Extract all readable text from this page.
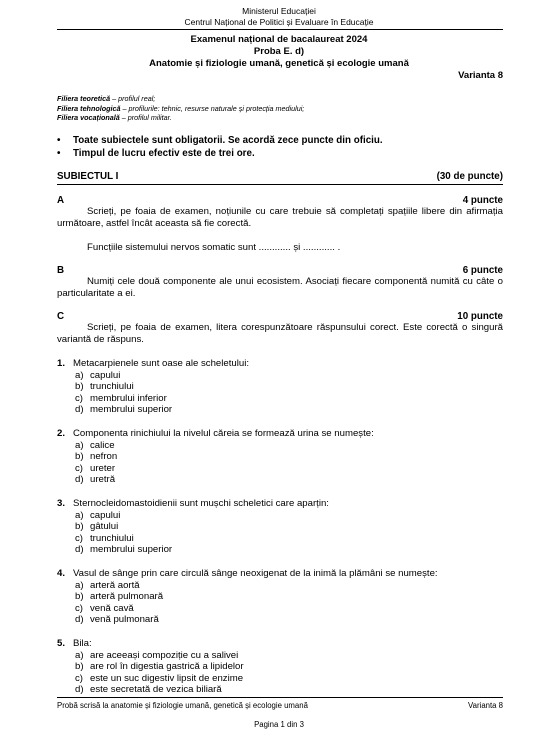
Ministerul Educației
Centrul Național de Politici și Evaluare în Educație
Examenul național de bacalaureat 2024
Proba E. d)
Anatomie și fiziologie umană, genetică și ecologie umană
Varianta 8
Filiera teoretică – profilul real;
Filiera tehnologică – profilurile: tehnic, resurse naturale și protecția mediului;
Filiera vocațională – profilul militar.
• Toate subiectele sunt obligatorii. Se acordă zece puncte din oficiu.
• Timpul de lucru efectiv este de trei ore.
SUBIECTUL I	(30 de puncte)
A	4 puncte
Scrieți, pe foaia de examen, noțiunile cu care trebuie să completați spațiile libere din afirmația următoare, astfel încât aceasta să fie corectă.
Funcțiile sistemului nervos somatic sunt ............ și ............ .
B	6 puncte
Numiți cele două componente ale unui ecosistem. Asociați fiecare componentă numită cu câte o particularitate a ei.
C	10 puncte
Scrieți, pe foaia de examen, litera corespunzătoare răspunsului corect. Este corectă o singură variantă de răspuns.
1. Metacarpienele sunt oase ale scheletului:
a) capului
b) trunchiului
c) membrului inferior
d) membrului superior
2. Componenta rinichiului la nivelul căreia se formează urina se numește:
a) calice
b) nefron
c) ureter
d) uretră
3. Sternocleidomastoidienii sunt mușchi scheletici care aparțin:
a) capului
b) gâtului
c) trunchiului
d) membrului superior
4. Vasul de sânge prin care circulă sânge neoxigenat de la inimă la plămâni se numește:
a) arteră aortă
b) arteră pulmonară
c) venă cavă
d) venă pulmonară
5. Bila:
a) are aceeași compoziție cu a salivei
b) are rol în digestia gastrică a lipidelor
c) este un suc digestiv lipsit de enzime
d) este secretată de vezica biliară
Probă scrisă la anatomie și fiziologie umană, genetică și ecologie umană	Varianta 8
Pagina 1 din 3
